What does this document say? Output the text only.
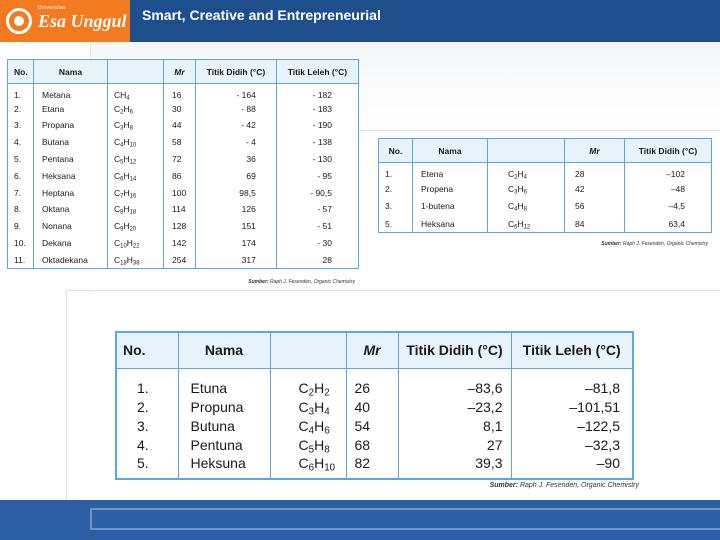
Universitas
Esa Unggul Smart, Creative and Entrepreneurial
No.	Nama		Mr	Titik Didih (°C)	Titik Leleh (°C)
1.	Metana	$CH_4$	16	- 164	- 182
2.	Etana	$C_2H_6$	30	- 88	- 183
3.	Propana	$C_3H_8$	44	- 42	- 190
4.	Butana	$C_4H_{10}$	58	- 4	- 138
5.	Pentana	$C_5H_{12}$	72	36	- 130
6.	Heksana	$C_6H_{14}$	86	69	- 95
7.	Heptana	$C_7H_{16}$	100	98,5	- 90,5
8.	Oktana	$C_8H_{18}$	114	126	- 57
9.	Nonana	$C_9H_{20}$	128	151	- 51
10.	Dekana	$C_{10}H_{22}$	142	174	- 30
11.	Oktadekana	$C_{18}H_{38}$	254	317	28
Sumber: Raph J. Fesenden, Organic Chemistry
No.	Nama		Mr	Titik Didih (°C)
1.	Etena	$C_2H_4$	28	–102
2.	Propena	$C_3H_6$	42	–48
3.	1-butena	$C_4H_8$	56	–4,5
5.	Heksana	$C_6H_{12}$	84	63,4
Sumber: Raph J. Fesenden, Organic Chemistry
No.	Nama		Mr	Titik Didih (°C)	Titik Leleh (°C)
1.	Etuna	$C_2H_2$	26	–83,6	–81,8
2.	Propuna	$C_3H_4$	40	–23,2	–101,51
3.	Butuna	$C_4H_6$	54	8,1	–122,5
4.	Pentuna	$C_5H_8$	68	27	–32,3
5.	Heksuna	$C_6H_{10}$	82	39,3	–90
Sumber: Raph J. Fesenden, Organic Chemistry
